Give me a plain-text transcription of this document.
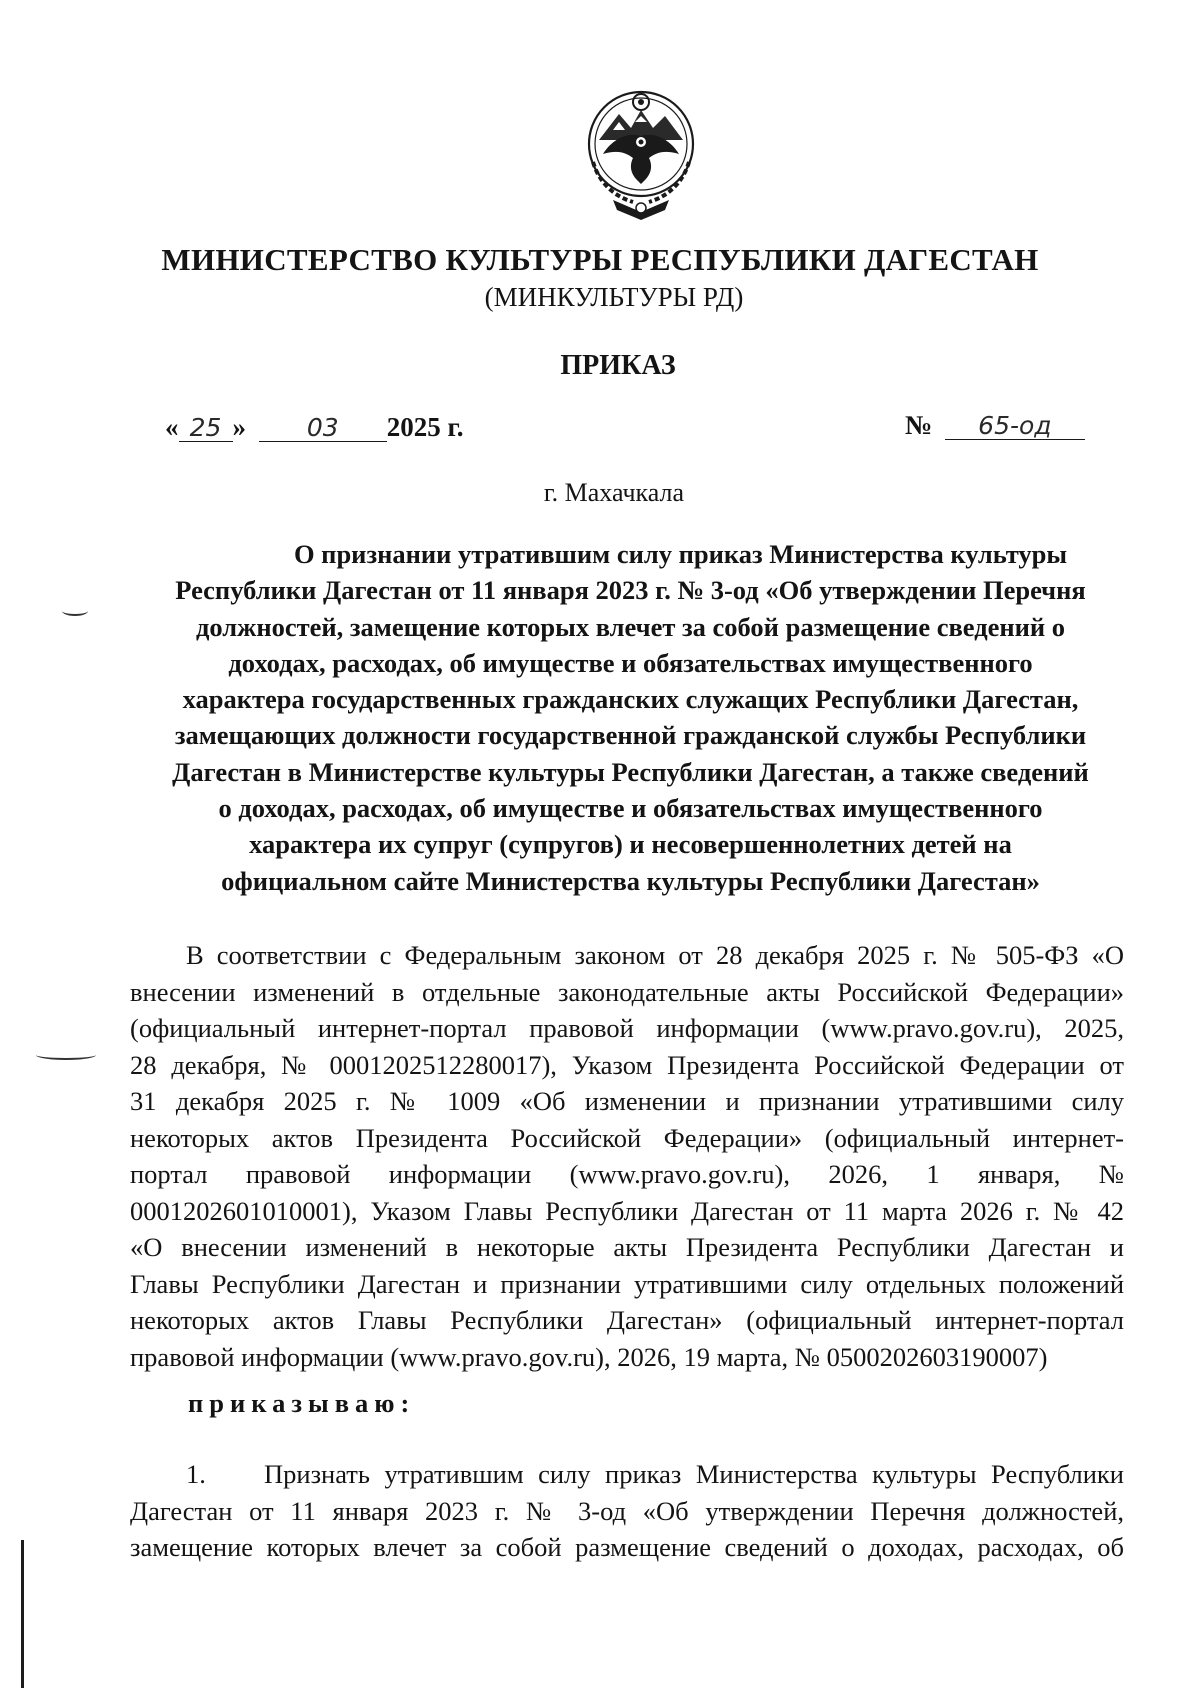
МИНИСТЕРСТВО КУЛЬТУРЫ РЕСПУБЛИКИ ДАГЕСТАН
(МИНКУЛЬТУРЫ РД)
ПРИКАЗ
« 25 » 03 2025 г.	№ 65-од
г. Махачкала
О признании утратившим силу приказ Министерства культуры
Республики Дагестан от 11 января 2023 г. № 3-од «Об утверждении Перечня
должностей, замещение которых влечет за собой размещение сведений о
доходах, расходах, об имуществе и обязательствах имущественного
характера государственных гражданских служащих Республики Дагестан,
замещающих должности государственной гражданской службы Республики
Дагестан в Министерстве культуры Республики Дагестан, а также сведений
о доходах, расходах, об имуществе и обязательствах имущественного
характера их супруг (супругов) и несовершеннолетних детей на
официальном сайте Министерства культуры Республики Дагестан»
В соответствии с Федеральным законом от 28 декабря 2025 г. № 505-ФЗ «О
внесении изменений в отдельные законодательные акты Российской Федерации»
(официальный интернет-портал правовой информации (www.pravo.gov.ru), 2025,
28 декабря, № 0001202512280017), Указом Президента Российской Федерации от
31 декабря 2025 г. № 1009 «Об изменении и признании утратившими силу
некоторых актов Президента Российской Федерации» (официальный интернет-
портал правовой информации (www.pravo.gov.ru), 2026, 1 января, №
0001202601010001), Указом Главы Республики Дагестан от 11 марта 2026 г. № 42
«О внесении изменений в некоторые акты Президента Республики Дагестан и
Главы Республики Дагестан и признании утратившими силу отдельных положений
некоторых актов Главы Республики Дагестан» (официальный интернет-портал
правовой информации (www.pravo.gov.ru), 2026, 19 марта, № 0500202603190007)
приказываю:
1. Признать утратившим силу приказ Министерства культуры Республики
Дагестан от 11 января 2023 г. № 3-од «Об утверждении Перечня должностей,
замещение которых влечет за собой размещение сведений о доходах, расходах, об
